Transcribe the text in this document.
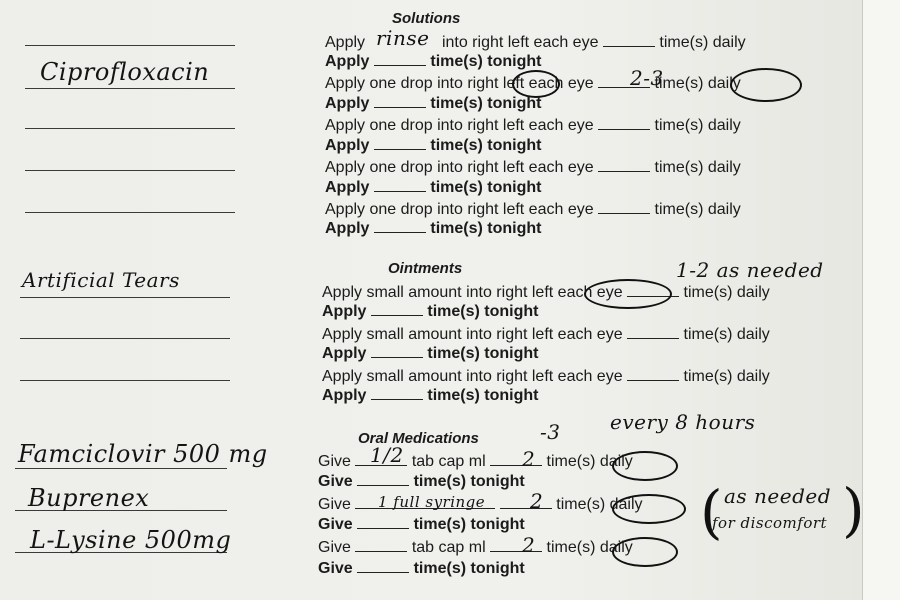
Ciprofloxacin
Artificial Tears
Famciclovir 500 mg
Buprenex
L-Lysine 500mg
Solutions
Apply	into right left each eye	time(s) daily
rinse
Apply	time(s) tonight
Apply one drop into right left each eye	time(s) daily
2-3
Apply	time(s) tonight
Apply one drop into right left each eye	time(s) daily
Apply	time(s) tonight
Apply one drop into right left each eye	time(s) daily
Apply	time(s) tonight
Apply one drop into right left each eye	time(s) daily
Apply	time(s) tonight
Ointments
Apply small amount into right left each eye	time(s) daily
1-2 as needed
Apply	time(s) tonight
Apply small amount into right left each eye	time(s) daily
Apply	time(s) tonight
Apply small amount into right left each eye	time(s) daily
Apply	time(s) tonight
Oral Medications	-3 every 8 hours
Give	tab cap ml	time(s) daily
1/2	2
Give	time(s) tonight
Give	time(s) daily
1 full syringe 2
Give	time(s) tonight
Give	tab cap ml	time(s) daily
2
Give	time(s) tonight
( as needed
for discomfort )
